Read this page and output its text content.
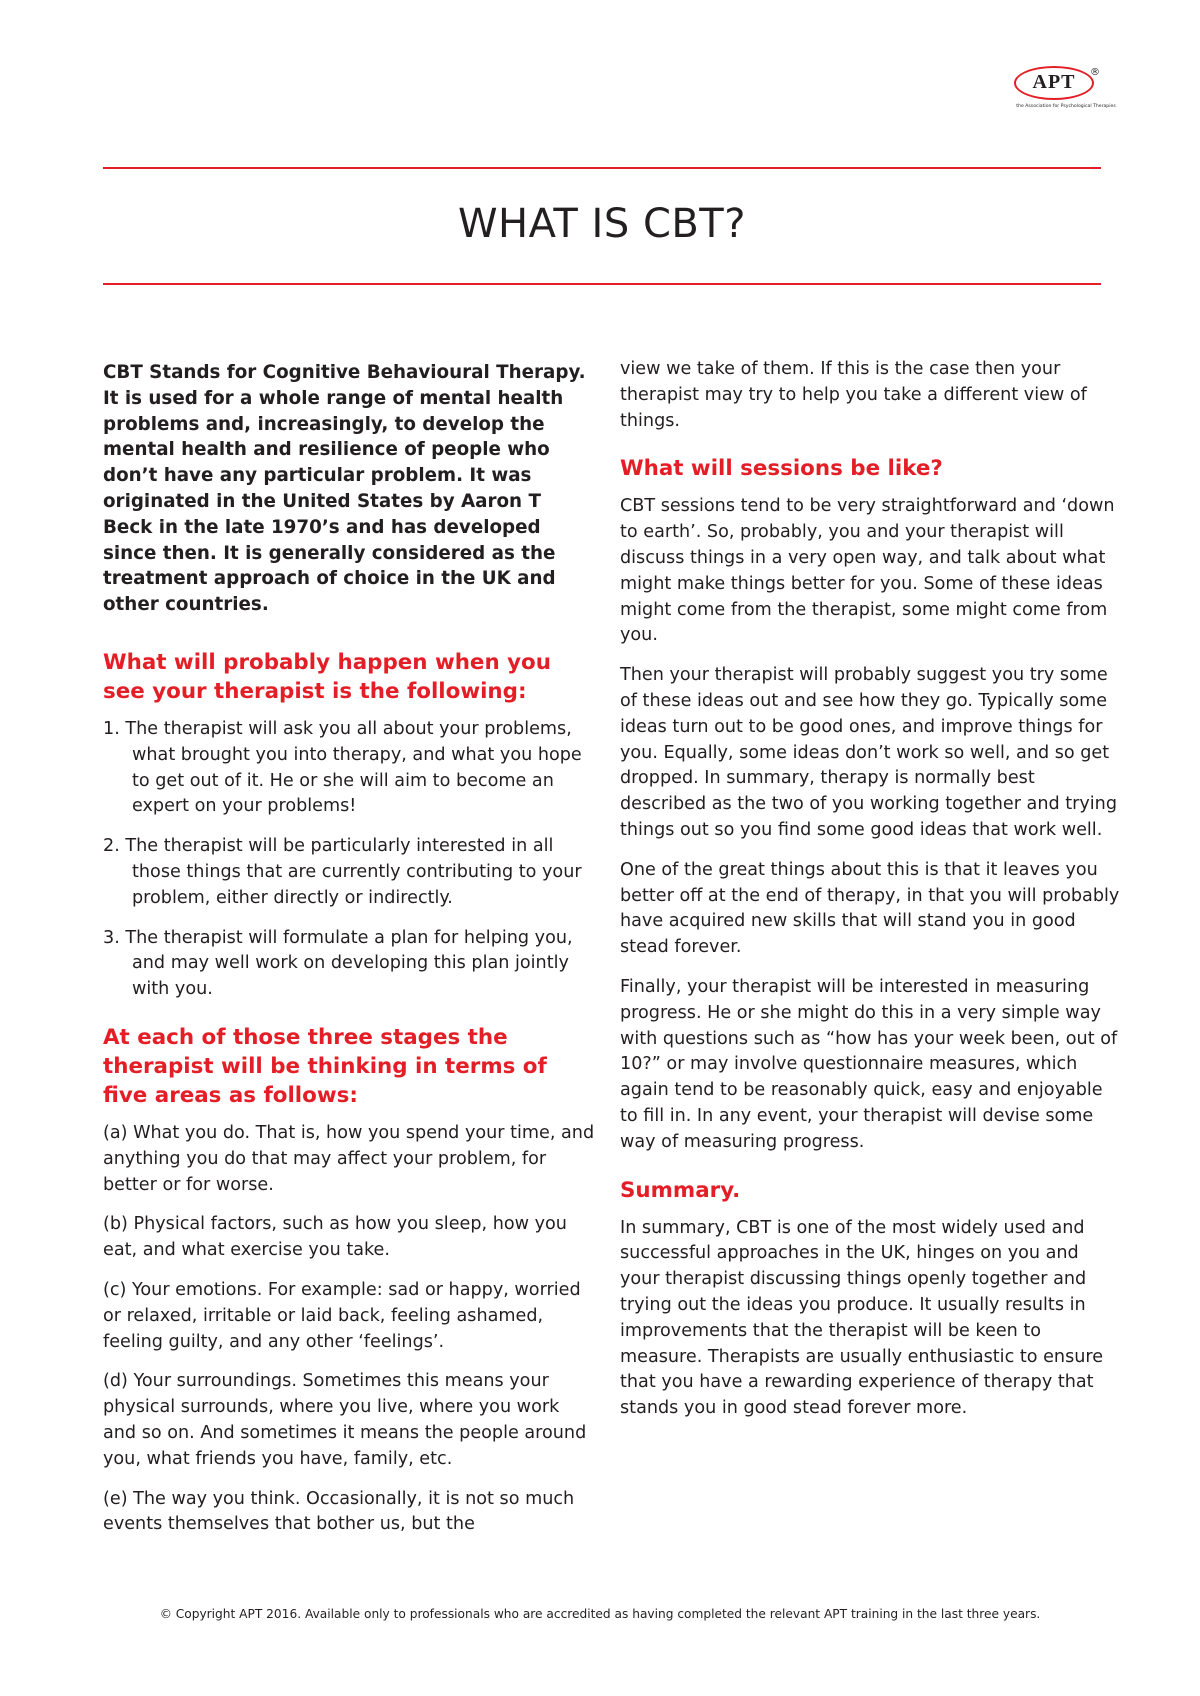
APT	®
the Association for Psychological Therapies
WHAT IS CBT?

CBT Stands for Cognitive Behavioural Therapy. It is used for a whole range of mental health problems and, increasingly, to develop the mental health and resilience of people who don’t have any particular problem. It was originated in the United States by Aaron T Beck in the late 1970’s and has developed since then. It is generally considered as the treatment approach of choice in the UK and other countries.

What will probably happen when you see your therapist is the following:

1. The therapist will ask you all about your problems, what brought you into therapy, and what you hope to get out of it. He or she will aim to become an expert on your problems!

2. The therapist will be particularly interested in all those things that are currently contributing to your problem, either directly or indirectly.

3. The therapist will formulate a plan for helping you, and may well work on developing this plan jointly with you.

At each of those three stages the therapist will be thinking in terms of five areas as follows:

(a) What you do. That is, how you spend your time, and anything you do that may affect your problem, for better or for worse.

(b) Physical factors, such as how you sleep, how you eat, and what exercise you take.

(c) Your emotions. For example: sad or happy, worried or relaxed, irritable or laid back, feeling ashamed, feeling guilty, and any other ‘feelings’.

(d) Your surroundings. Sometimes this means your physical surrounds, where you live, where you work and so on. And sometimes it means the people around you, what friends you have, family, etc.

(e) The way you think. Occasionally, it is not so much events themselves that bother us, but the

view we take of them. If this is the case then your therapist may try to help you take a different view of things.

What will sessions be like?

CBT sessions tend to be very straightforward and ‘down to earth’. So, probably, you and your therapist will discuss things in a very open way, and talk about what might make things better for you. Some of these ideas might come from the therapist, some might come from you.

Then your therapist will probably suggest you try some of these ideas out and see how they go. Typically some ideas turn out to be good ones, and improve things for you. Equally, some ideas don’t work so well, and so get dropped. In summary, therapy is normally best described as the two of you working together and trying things out so you find some good ideas that work well.

One of the great things about this is that it leaves you better off at the end of therapy, in that you will probably have acquired new skills that will stand you in good stead forever.

Finally, your therapist will be interested in measuring progress. He or she might do this in a very simple way with questions such as “how has your week been, out of 10?” or may involve questionnaire measures, which again tend to be reasonably quick, easy and enjoyable to fill in. In any event, your therapist will devise some way of measuring progress.

Summary.

In summary, CBT is one of the most widely used and successful approaches in the UK, hinges on you and your therapist discussing things openly together and trying out the ideas you produce. It usually results in improvements that the therapist will be keen to measure. Therapists are usually enthusiastic to ensure that you have a rewarding experience of therapy that stands you in good stead forever more.

© Copyright APT 2016. Available only to professionals who are accredited as having completed the relevant APT training in the last three years.
